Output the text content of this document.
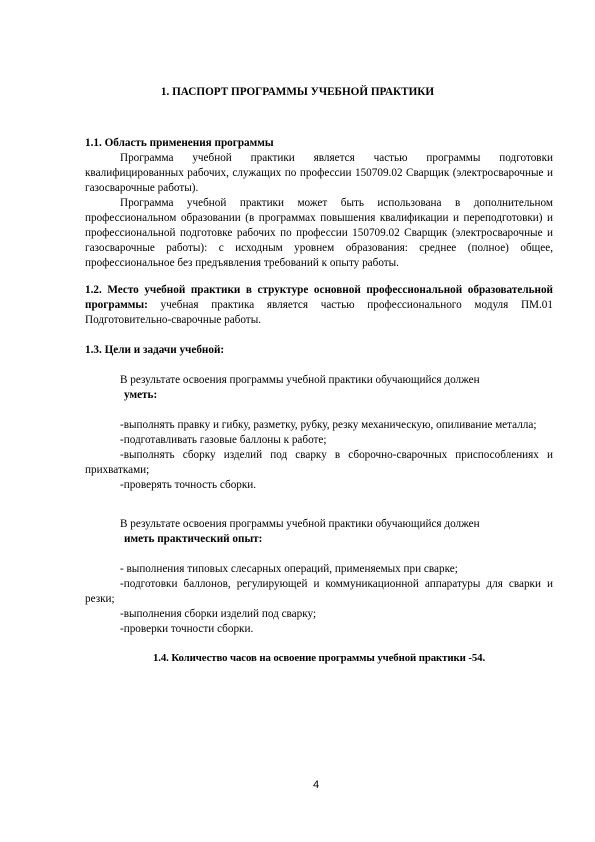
1. ПАСПОРТ ПРОГРАММЫ УЧЕБНОЙ ПРАКТИКИ

1.1. Область применения программы

Программа учебной практики является частью программы подготовки квалифицированных рабочих, служащих по профессии 150709.02 Сварщик (электросварочные и газосварочные работы).

Программа учебной практики может быть использована в дополнительном профессиональном образовании (в программах повышения квалификации и переподготовки) и профессиональной подготовке рабочих по профессии 150709.02 Сварщик (электросварочные и газосварочные работы): с исходным уровнем образования: среднее (полное) общее, профессиональное без предъявления требований к опыту работы.

1.2. Место учебной практики в структуре основной профессиональной образовательной программы: учебная практика является частью профессионального модуля ПМ.01 Подготовительно-сварочные работы.
1.3. Цели и задачи учебной:

В результате освоения программы учебной практики обучающийся должен

уметь:

-выполнять правку и гибку, разметку, рубку, резку механическую, опиливание металла;

-подготавливать газовые баллоны к работе;

-выполнять сборку изделий под сварку в сборочно-сварочных приспособлениях и прихватками;

-проверять точность сборки.

В результате освоения программы учебной практики обучающийся должен

иметь практический опыт:

- выполнения типовых слесарных операций, применяемых при сварке;

-подготовки баллонов, регулирующей и коммуникационной аппаратуры для сварки и резки;

-выполнения сборки изделий под сварку;

-проверки точности сборки.

1.4. Количество часов на освоение программы учебной практики -54.
4
